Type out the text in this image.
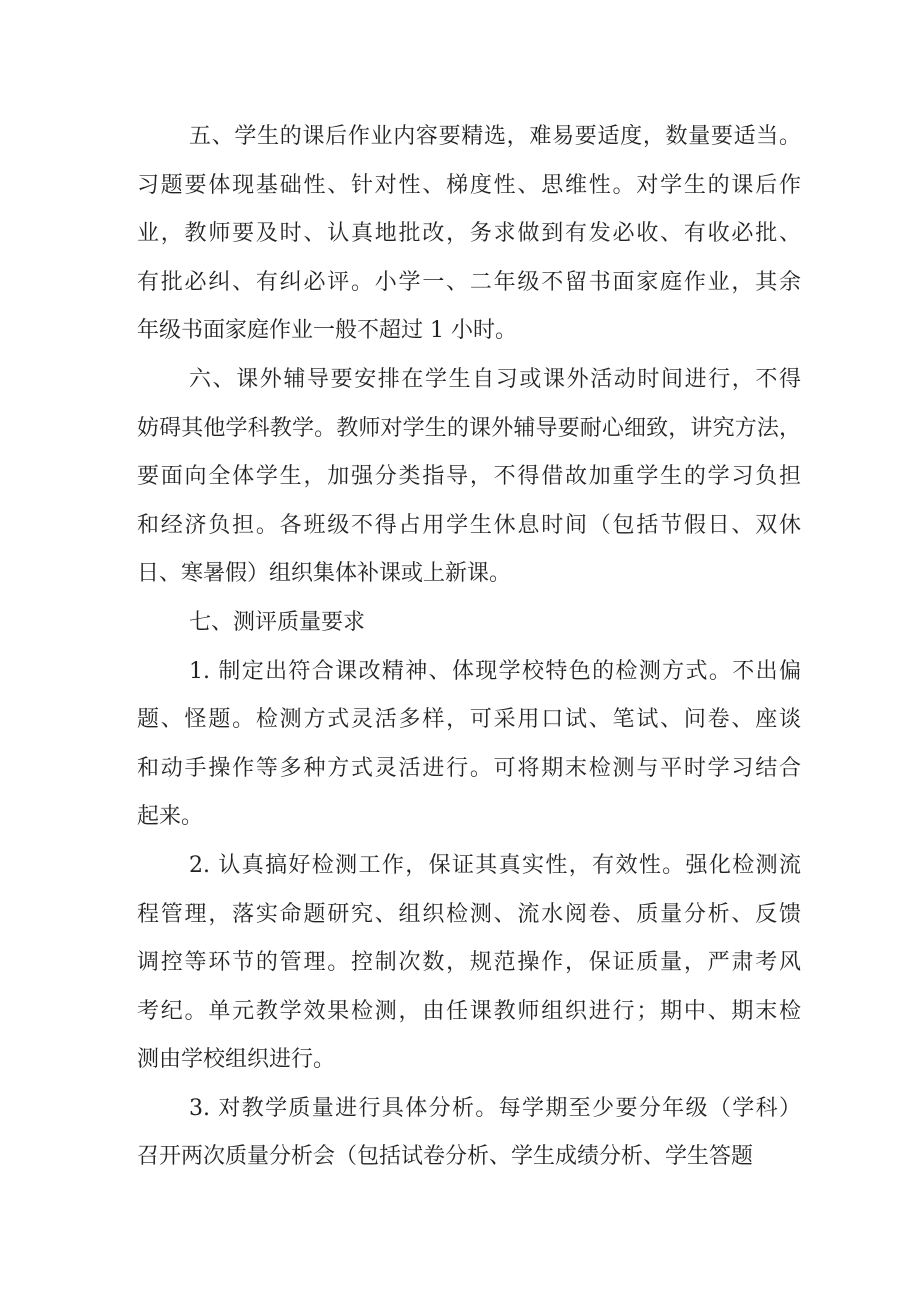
五、学生的课后作业内容要精选，难易要适度，数量要适当。
习题要体现基础性、针对性、梯度性、思维性。对学生的课后作
业，教师要及时、认真地批改，务求做到有发必收、有收必批、
有批必纠、有纠必评。小学一、二年级不留书面家庭作业，其余
年级书面家庭作业一般不超过 1 小时。
六、课外辅导要安排在学生自习或课外活动时间进行，不得
妨碍其他学科教学。教师对学生的课外辅导要耐心细致，讲究方法，
要面向全体学生，加强分类指导，不得借故加重学生的学习负担
和经济负担。各班级不得占用学生休息时间（包括节假日、双休
日、寒暑假）组织集体补课或上新课。
七、测评质量要求
1. 制定出符合课改精神、体现学校特色的检测方式。不出偏
题、怪题。检测方式灵活多样，可采用口试、笔试、问卷、座谈
和动手操作等多种方式灵活进行。可将期末检测与平时学习结合
起来。
2. 认真搞好检测工作，保证其真实性，有效性。强化检测流
程管理，落实命题研究、组织检测、流水阅卷、质量分析、反馈
调控等环节的管理。控制次数，规范操作，保证质量，严肃考风
考纪。单元教学效果检测，由任课教师组织进行；期中、期末检
测由学校组织进行。
3. 对教学质量进行具体分析。每学期至少要分年级（学科）
召开两次质量分析会（包括试卷分析、学生成绩分析、学生答题
